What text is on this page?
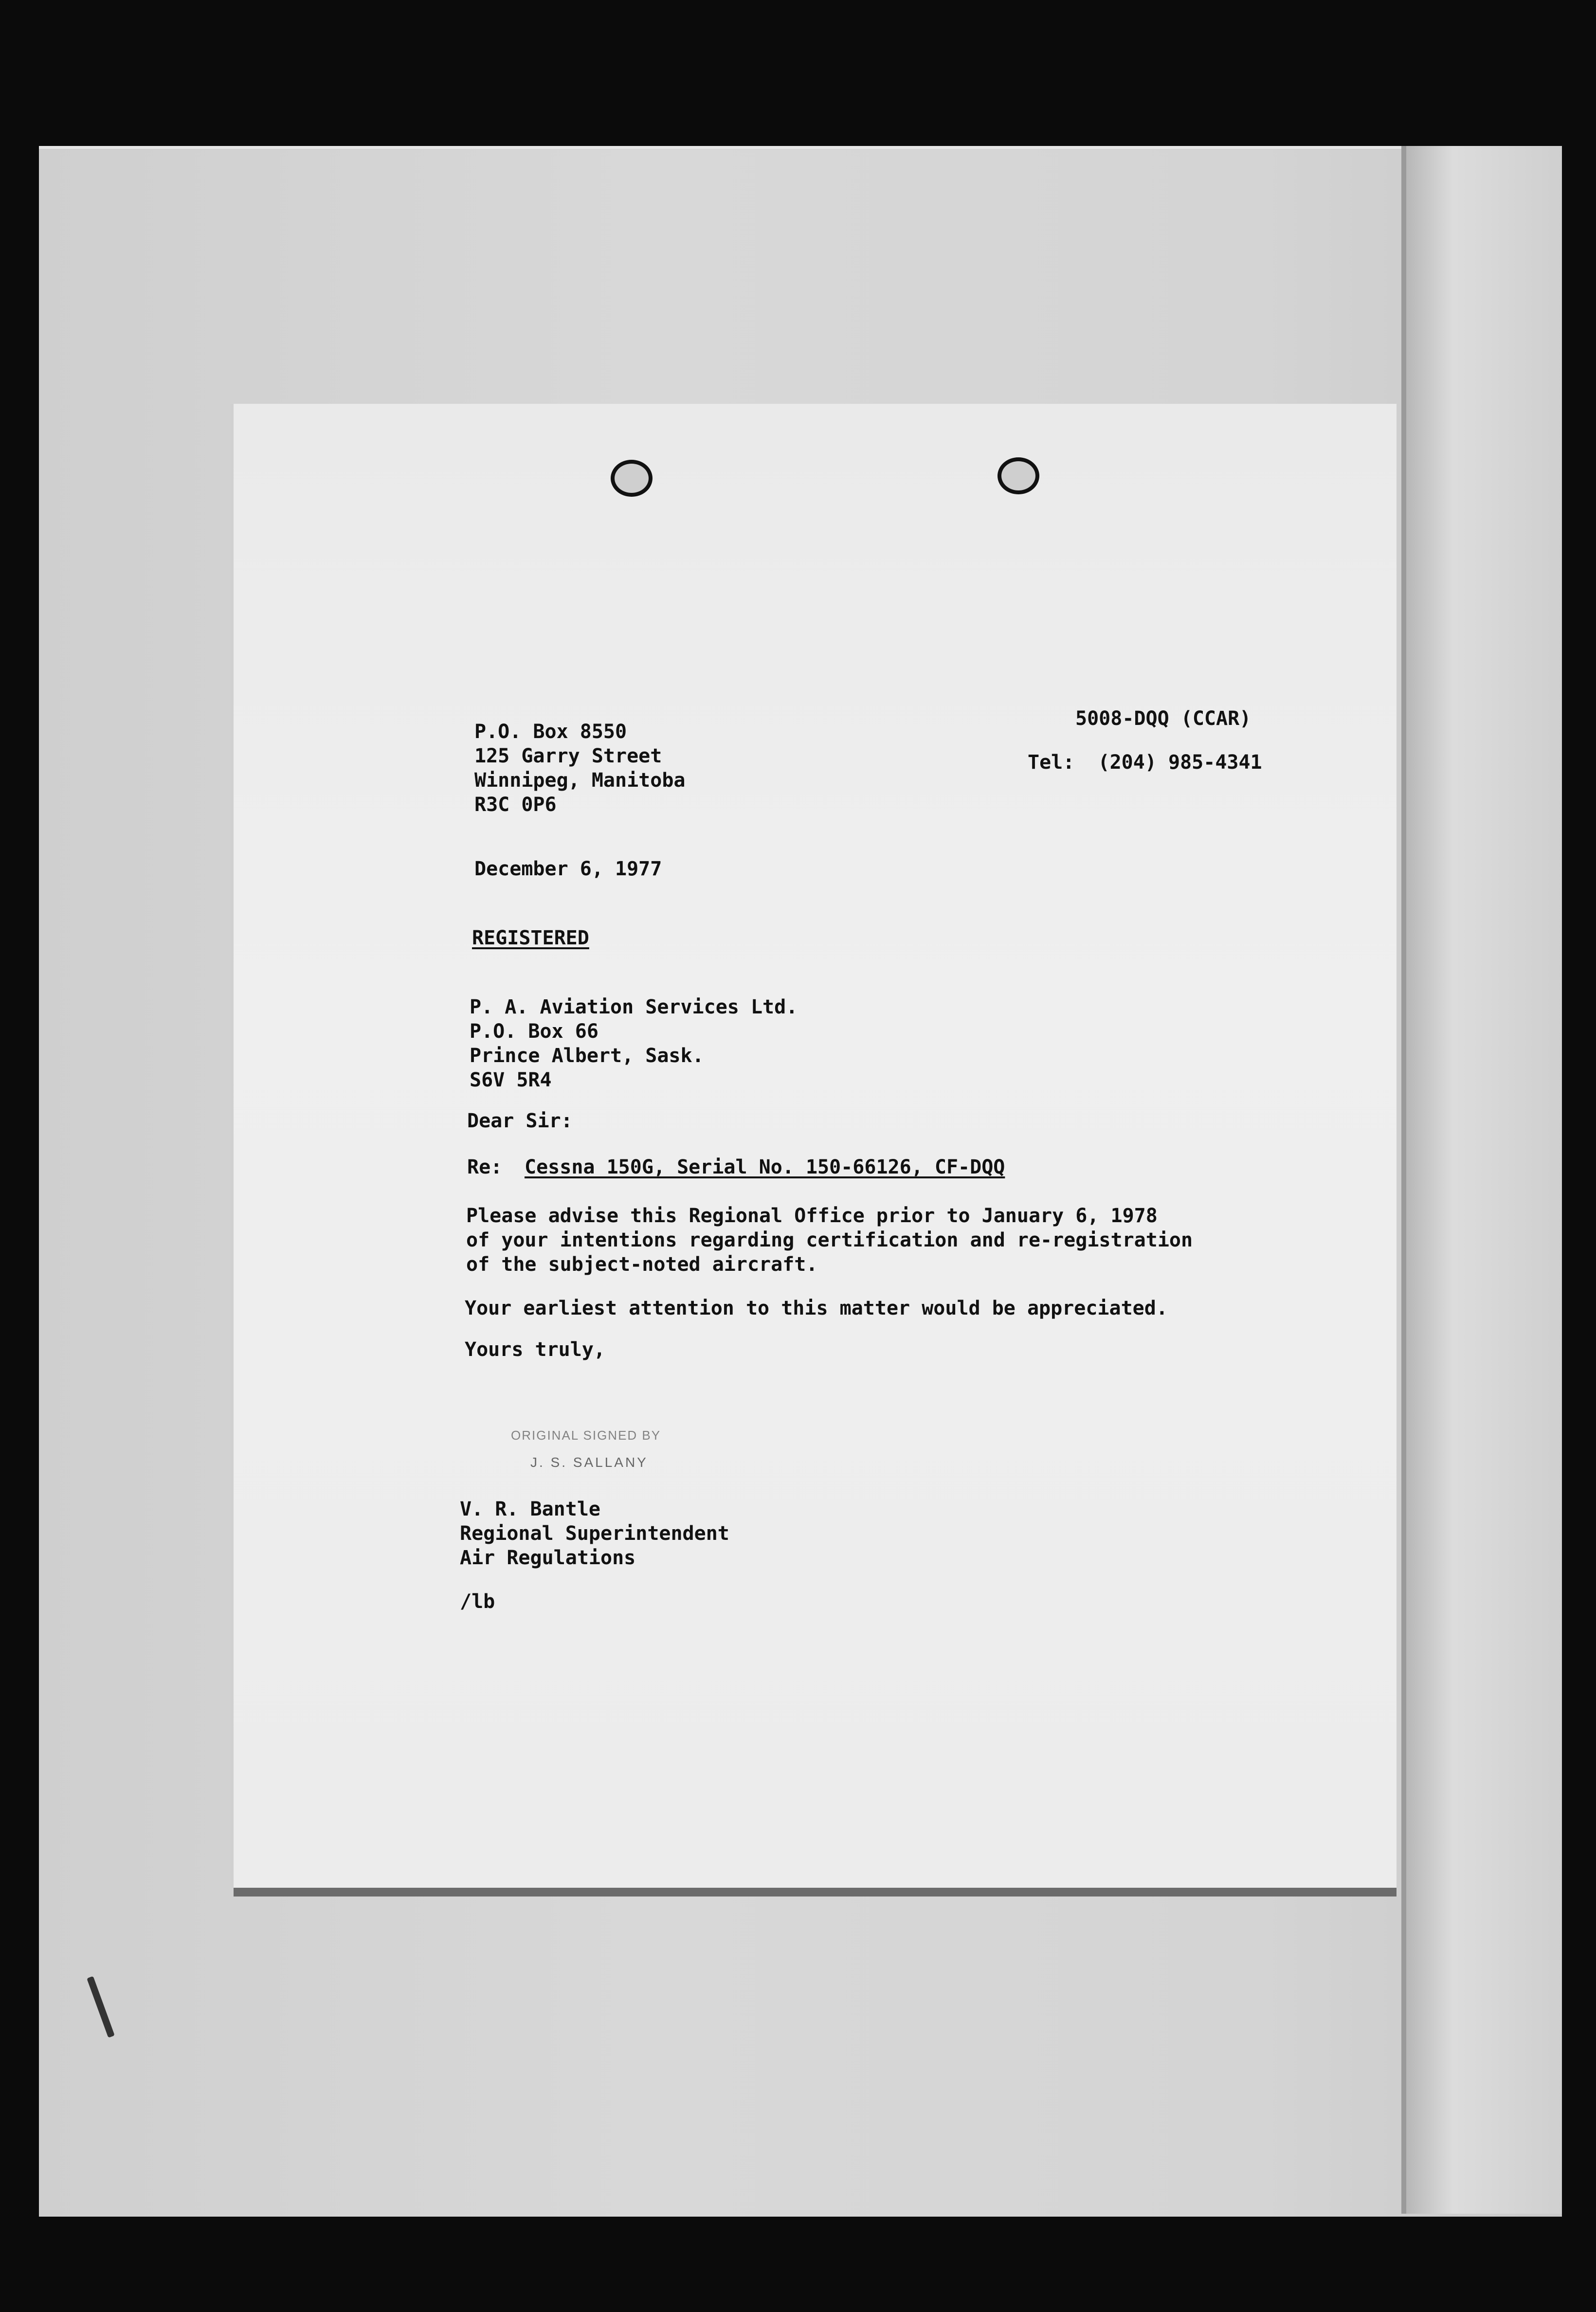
5008-DQQ (CCAR)
Tel:  (204) 985-4341
P.O. Box 8550
125 Garry Street
Winnipeg, Manitoba
R3C 0P6
December 6, 1977
REGISTERED
P. A. Aviation Services Ltd.
P.O. Box 66
Prince Albert, Sask.
S6V 5R4
Dear Sir:
Re: Cessna 150G, Serial No. 150-66126, CF-DQQ
Please advise this Regional Office prior to January 6, 1978
of your intentions regarding certification and re-registration
of the subject-noted aircraft.
Your earliest attention to this matter would be appreciated.
Yours truly,
ORIGINAL SIGNED BY
J. S. SALLANY
V. R. Bantle
Regional Superintendent
Air Regulations
/lb
